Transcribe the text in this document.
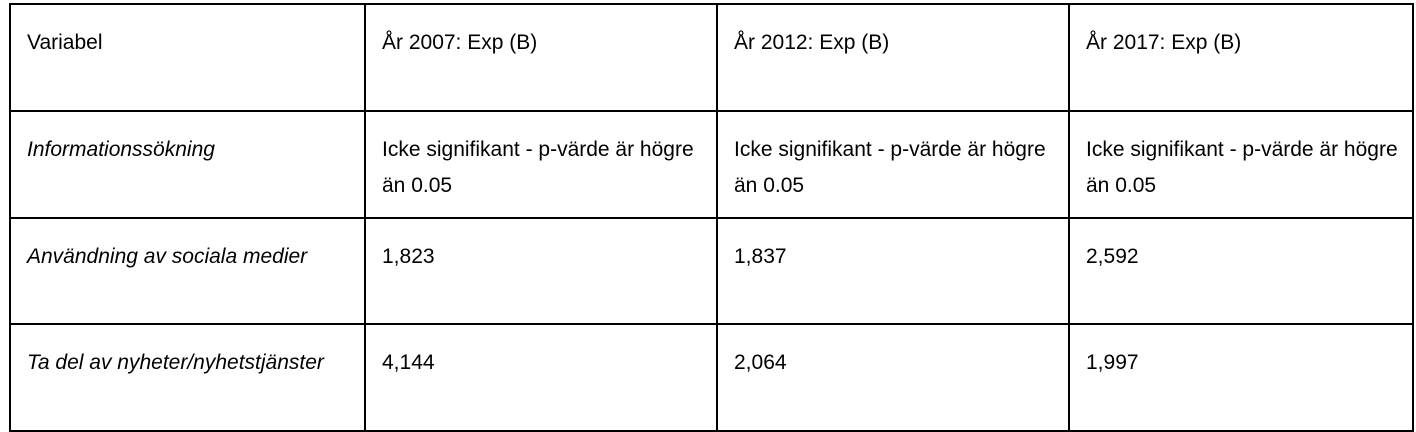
Variabel	År 2007: Exp (B)	År 2012: Exp (B)	År 2017: Exp (B)
Informationssökning	Icke signifikant - p-värde är högre än 0.05	Icke signifikant - p-värde är högre än 0.05	Icke signifikant - p-värde är högre än 0.05
Användning av sociala medier	1,823	1,837	2,592
Ta del av nyheter/nyhetstjänster	4,144	2,064	1,997
